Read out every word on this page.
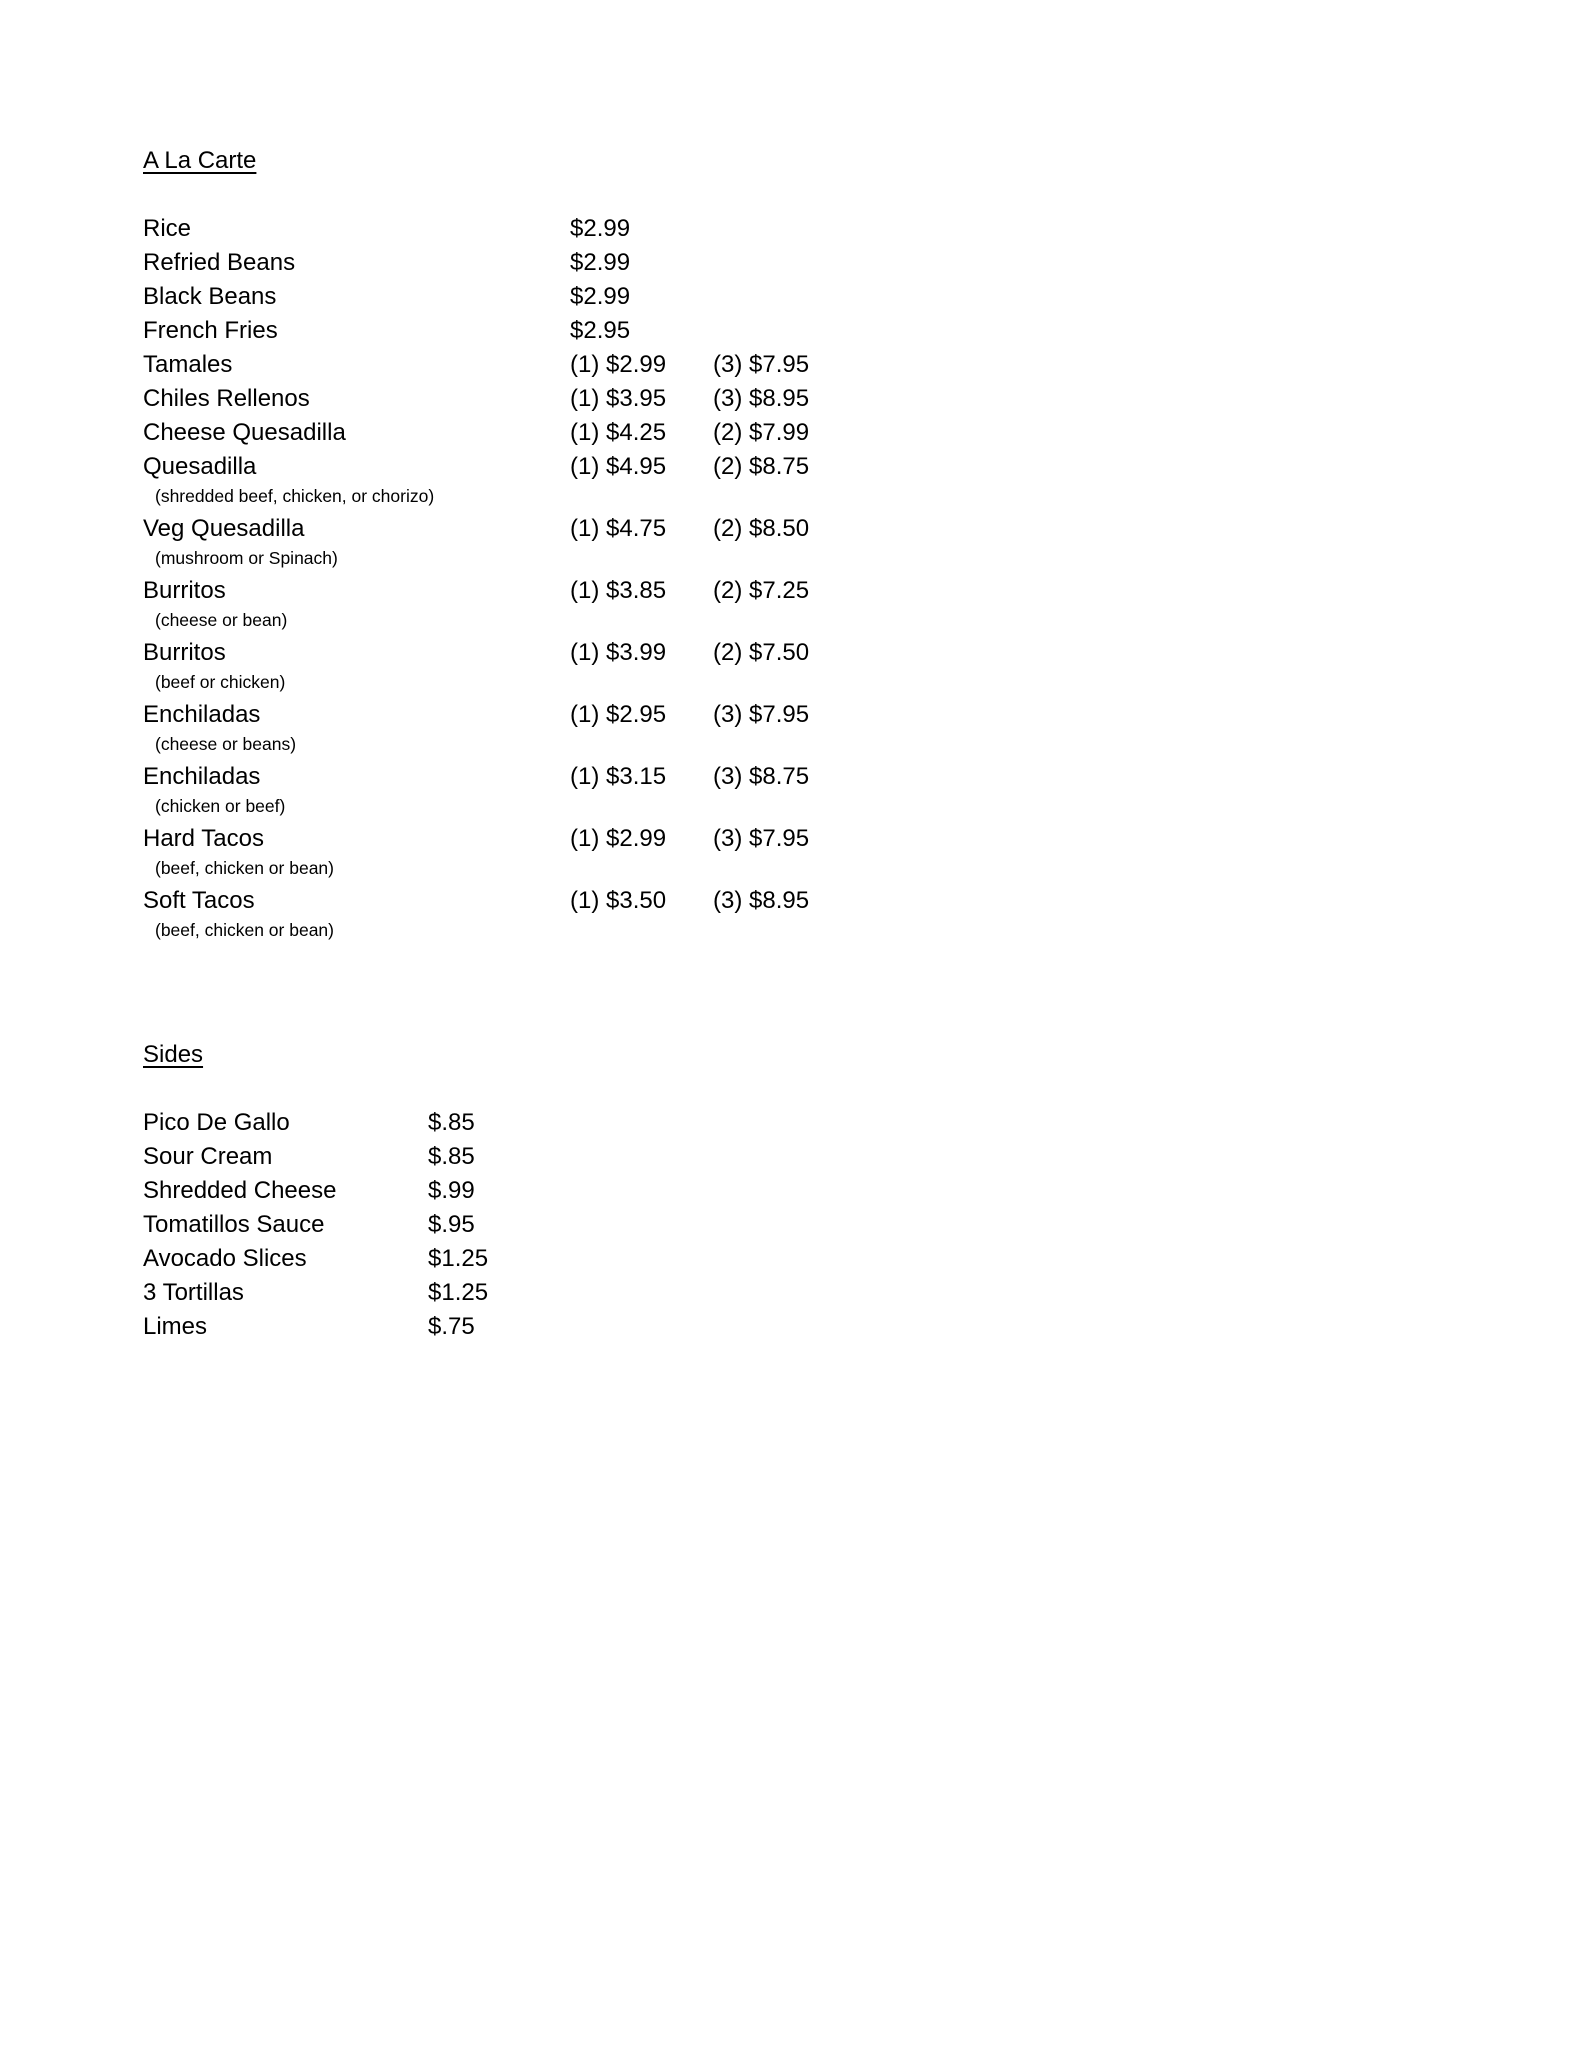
A La Carte
Rice	$2.99
Refried Beans	$2.99
Black Beans	$2.99
French Fries	$2.95
Tamales	(1) $2.99	(3) $7.95
Chiles Rellenos	(1) $3.95	(3) $8.95
Cheese Quesadilla	(1) $4.25	(2) $7.99
Quesadilla	(1) $4.95	(2) $8.75
(shredded beef, chicken, or chorizo)
Veg Quesadilla	(1) $4.75	(2) $8.50
(mushroom or Spinach)
Burritos	(1) $3.85	(2) $7.25
(cheese or bean)
Burritos	(1) $3.99	(2) $7.50
(beef or chicken)
Enchiladas	(1) $2.95	(3) $7.95
(cheese or beans)
Enchiladas	(1) $3.15	(3) $8.75
(chicken or beef)
Hard Tacos	(1) $2.99	(3) $7.95
(beef, chicken or bean)
Soft Tacos	(1) $3.50	(3) $8.95
(beef, chicken or bean)
Sides
Pico De Gallo	$.85
Sour Cream	$.85
Shredded Cheese	$.99
Tomatillos Sauce	$.95
Avocado Slices	$1.25
3 Tortillas	$1.25
Limes	$.75
